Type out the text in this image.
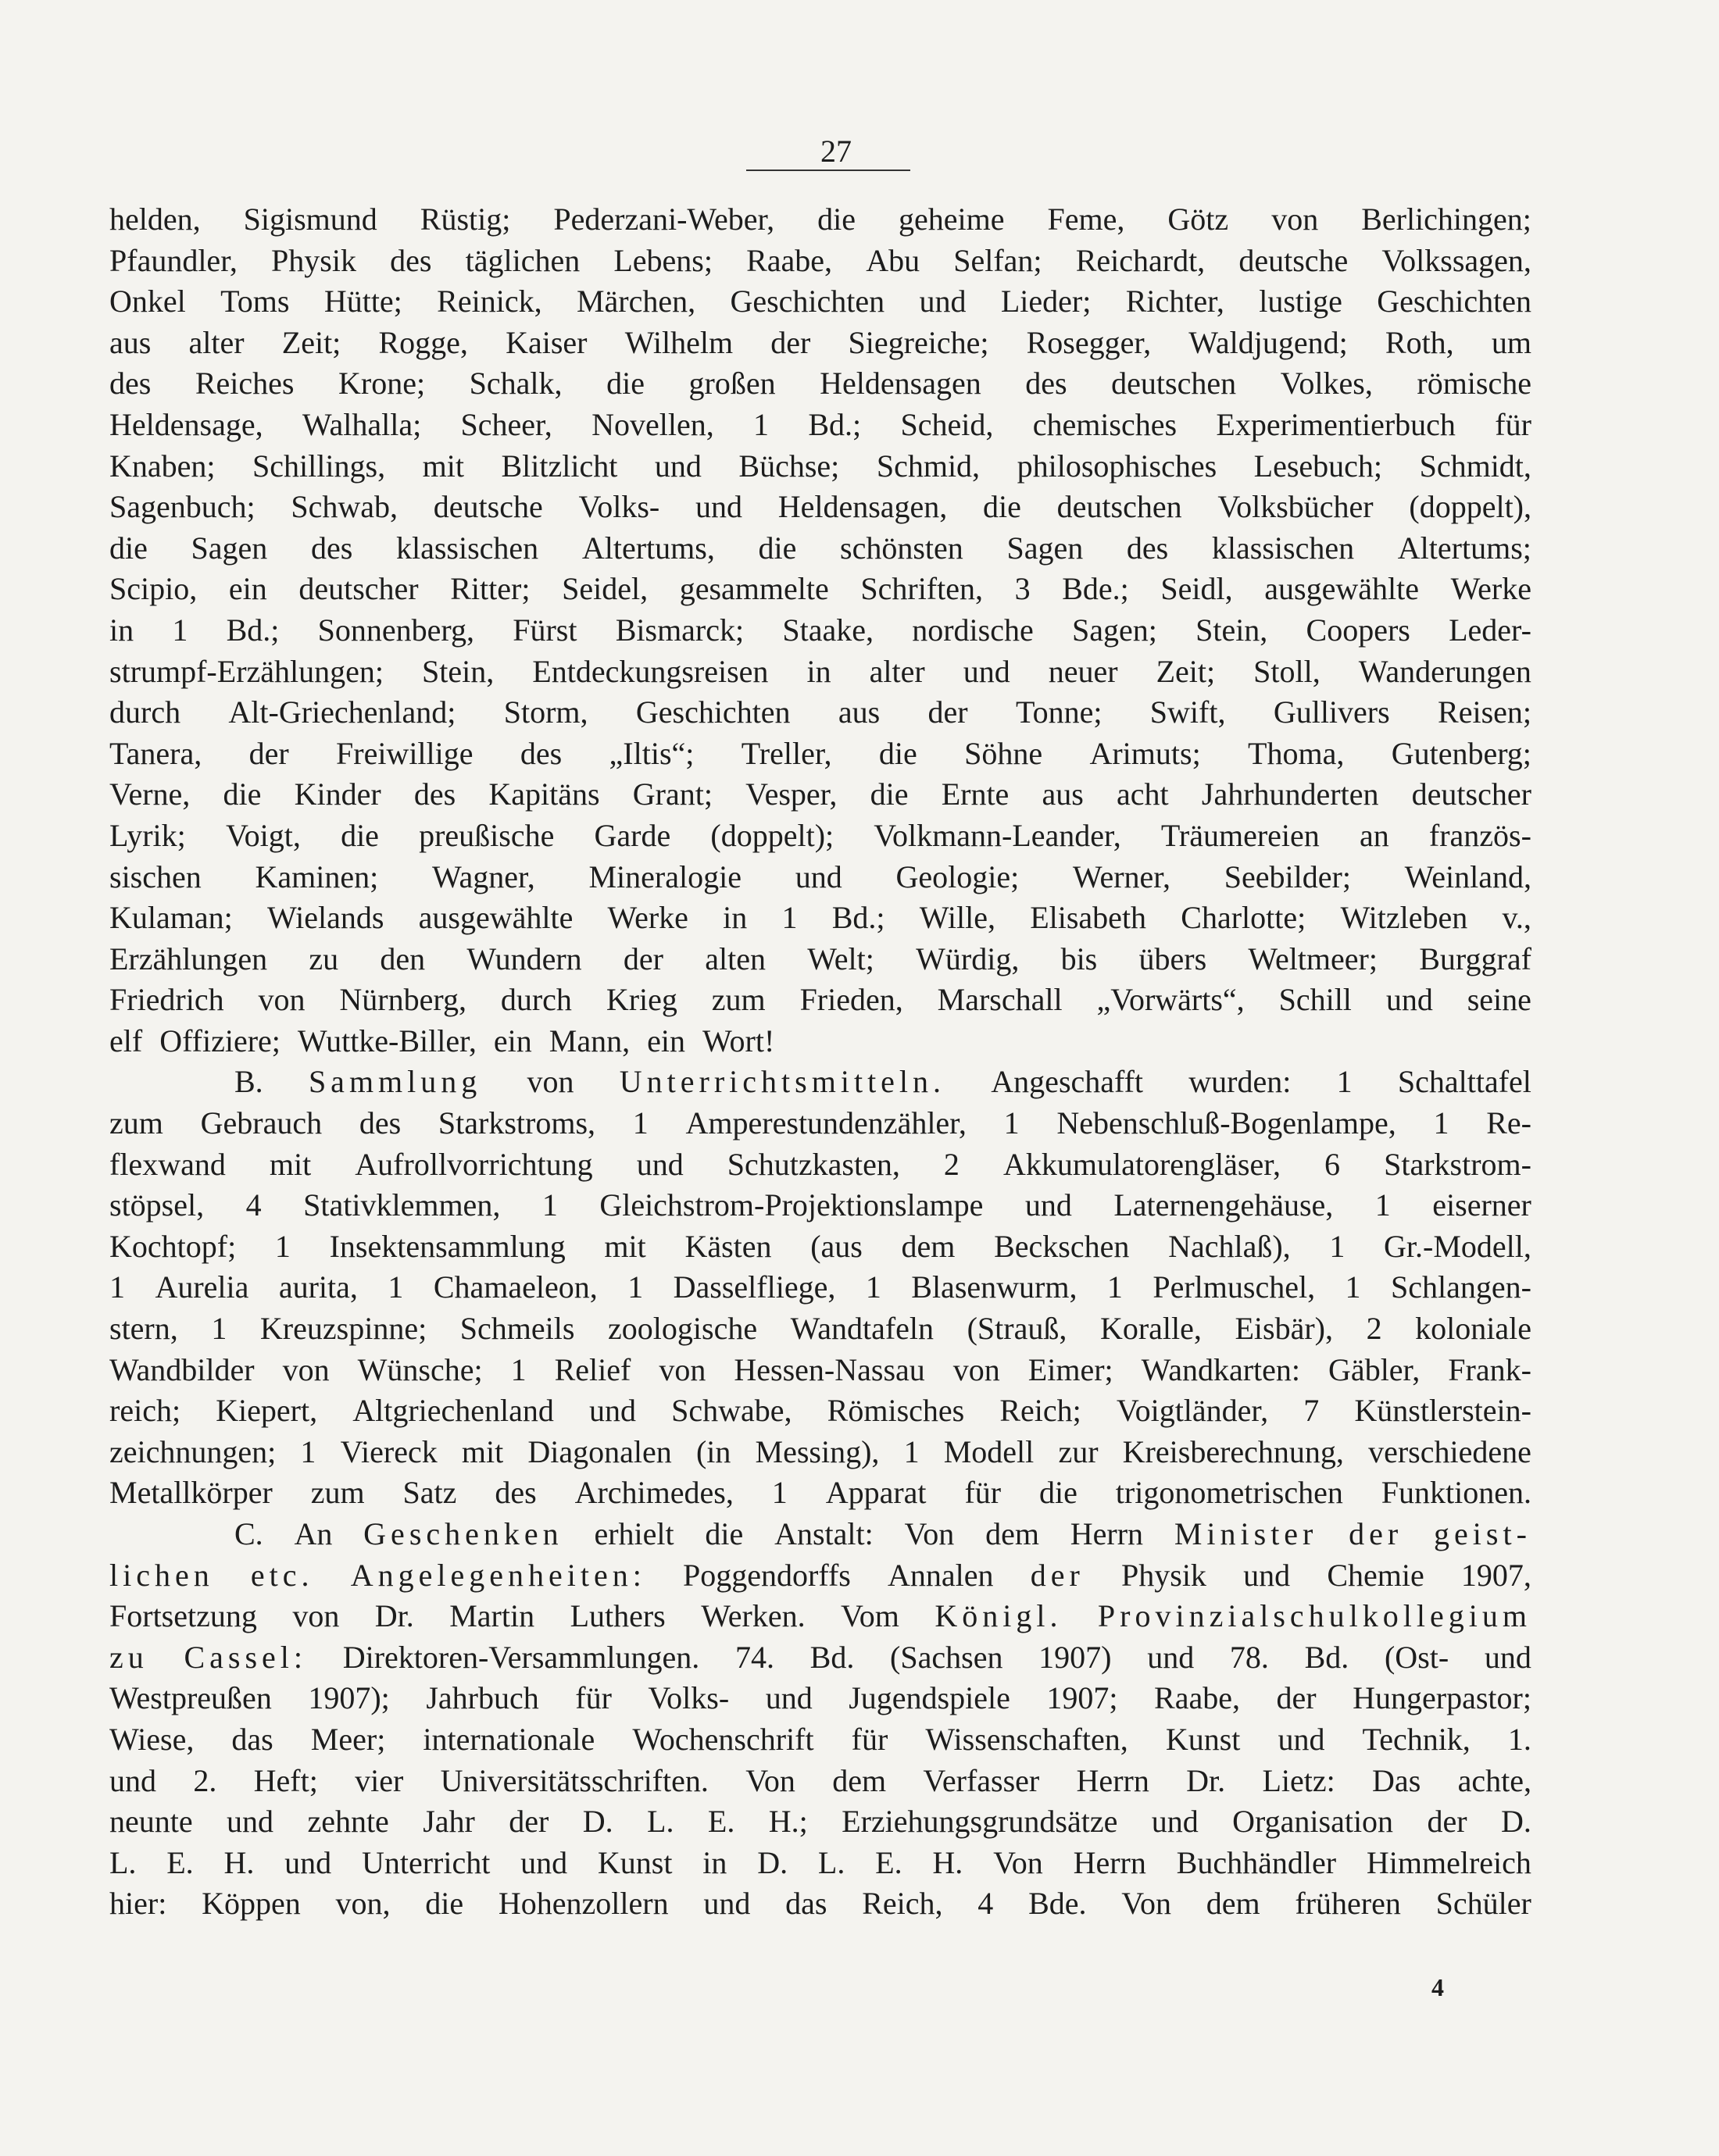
27
helden, Sigismund Rüstig; Pederzani-Weber, die geheime Feme, Götz von Berlichingen;
Pfaundler, Physik des täglichen Lebens; Raabe, Abu Selfan; Reichardt, deutsche Volkssagen,
Onkel Toms Hütte; Reinick, Märchen, Geschichten und Lieder; Richter, lustige Geschichten
aus alter Zeit; Rogge, Kaiser Wilhelm der Siegreiche; Rosegger, Waldjugend; Roth, um
des Reiches Krone; Schalk, die großen Heldensagen des deutschen Volkes, römische
Heldensage, Walhalla; Scheer, Novellen, 1 Bd.; Scheid, chemisches Experimentierbuch für
Knaben; Schillings, mit Blitzlicht und Büchse; Schmid, philosophisches Lesebuch; Schmidt,
Sagenbuch; Schwab, deutsche Volks- und Heldensagen, die deutschen Volksbücher (doppelt),
die Sagen des klassischen Altertums, die schönsten Sagen des klassischen Altertums;
Scipio, ein deutscher Ritter; Seidel, gesammelte Schriften, 3 Bde.; Seidl, ausgewählte Werke
in 1 Bd.; Sonnenberg, Fürst Bismarck; Staake, nordische Sagen; Stein, Coopers Leder-
strumpf-Erzählungen; Stein, Entdeckungsreisen in alter und neuer Zeit; Stoll, Wanderungen
durch Alt-Griechenland; Storm, Geschichten aus der Tonne; Swift, Gullivers Reisen;
Tanera, der Freiwillige des „Iltis“; Treller, die Söhne Arimuts; Thoma, Gutenberg;
Verne, die Kinder des Kapitäns Grant; Vesper, die Ernte aus acht Jahrhunderten deutscher
Lyrik; Voigt, die preußische Garde (doppelt); Volkmann-Leander, Träumereien an französ-
sischen Kaminen; Wagner, Mineralogie und Geologie; Werner, Seebilder; Weinland,
Kulaman; Wielands ausgewählte Werke in 1 Bd.; Wille, Elisabeth Charlotte; Witzleben v.,
Erzählungen zu den Wundern der alten Welt; Würdig, bis übers Weltmeer; Burggraf
Friedrich von Nürnberg, durch Krieg zum Frieden, Marschall „Vorwärts“, Schill und seine
elf Offiziere; Wuttke-Biller, ein Mann, ein Wort!
B. Sammlung von Unterrichtsmitteln. Angeschafft wurden: 1 Schalttafel
zum Gebrauch des Starkstroms, 1 Amperestundenzähler, 1 Nebenschluß-Bogenlampe, 1 Re-
flexwand mit Aufrollvorrichtung und Schutzkasten, 2 Akkumulatorengläser, 6 Starkstrom-
stöpsel, 4 Stativklemmen, 1 Gleichstrom-Projektionslampe und Laternengehäuse, 1 eiserner
Kochtopf; 1 Insektensammlung mit Kästen (aus dem Beckschen Nachlaß), 1 Gr.-Modell,
1 Aurelia aurita, 1 Chamaeleon, 1 Dasselfliege, 1 Blasenwurm, 1 Perlmuschel, 1 Schlangen-
stern, 1 Kreuzspinne; Schmeils zoologische Wandtafeln (Strauß, Koralle, Eisbär), 2 koloniale
Wandbilder von Wünsche; 1 Relief von Hessen-Nassau von Eimer; Wandkarten: Gäbler, Frank-
reich; Kiepert, Altgriechenland und Schwabe, Römisches Reich; Voigtländer, 7 Künstlerstein-
zeichnungen; 1 Viereck mit Diagonalen (in Messing), 1 Modell zur Kreisberechnung, verschiedene
Metallkörper zum Satz des Archimedes, 1 Apparat für die trigonometrischen Funktionen.
C. An Geschenken erhielt die Anstalt: Von dem Herrn Minister der geist-
lichen etc. Angelegenheiten: Poggendorffs Annalen der Physik und Chemie 1907,
Fortsetzung von Dr. Martin Luthers Werken. Vom Königl. Provinzialschulkollegium
zu Cassel: Direktoren-Versammlungen. 74. Bd. (Sachsen 1907) und 78. Bd. (Ost- und
Westpreußen 1907); Jahrbuch für Volks- und Jugendspiele 1907; Raabe, der Hungerpastor;
Wiese, das Meer; internationale Wochenschrift für Wissenschaften, Kunst und Technik, 1.
und 2. Heft; vier Universitätsschriften. Von dem Verfasser Herrn Dr. Lietz: Das achte,
neunte und zehnte Jahr der D. L. E. H.; Erziehungsgrundsätze und Organisation der D.
L. E. H. und Unterricht und Kunst in D. L. E. H. Von Herrn Buchhändler Himmelreich
hier: Köppen von, die Hohenzollern und das Reich, 4 Bde. Von dem früheren Schüler
4
